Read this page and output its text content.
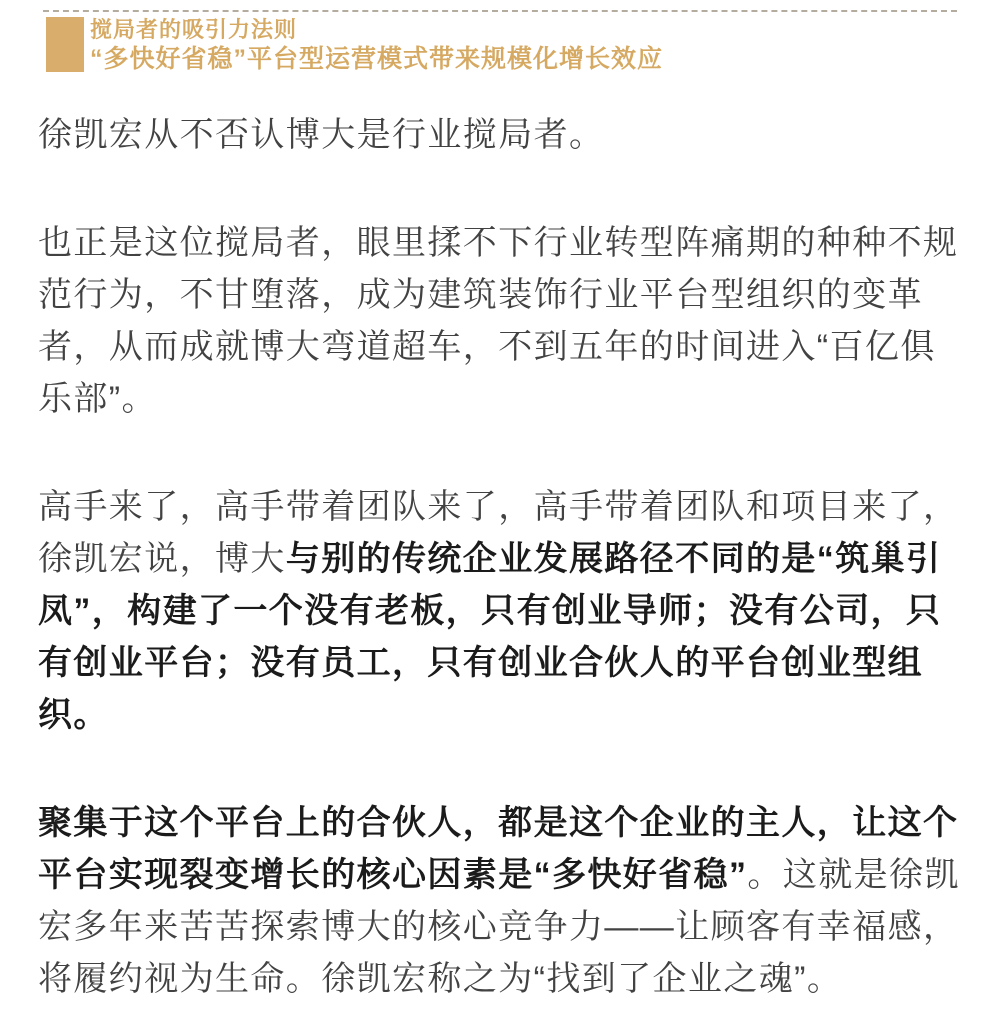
搅局者的吸引力法则
“多快好省稳”平台型运营模式带来规模化增长效应

徐凯宏从不否认博大是行业搅局者。

也正是这位搅局者，眼里揉不下行业转型阵痛期的种种不规范行为，不甘堕落，成为建筑装饰行业平台型组织的变革者，从而成就博大弯道超车，不到五年的时间进入“百亿俱乐部”。

高手来了，高手带着团队来了，高手带着团队和项目来了，徐凯宏说，博大与别的传统企业发展路径不同的是“筑巢引凤”，构建了一个没有老板，只有创业导师；没有公司，只有创业平台；没有员工，只有创业合伙人的平台创业型组织。

聚集于这个平台上的合伙人，都是这个企业的主人，让这个平台实现裂变增长的核心因素是“多快好省稳”。这就是徐凯宏多年来苦苦探索博大的核心竞争力——让顾客有幸福感，将履约视为生命。徐凯宏称之为“找到了企业之魂”。
